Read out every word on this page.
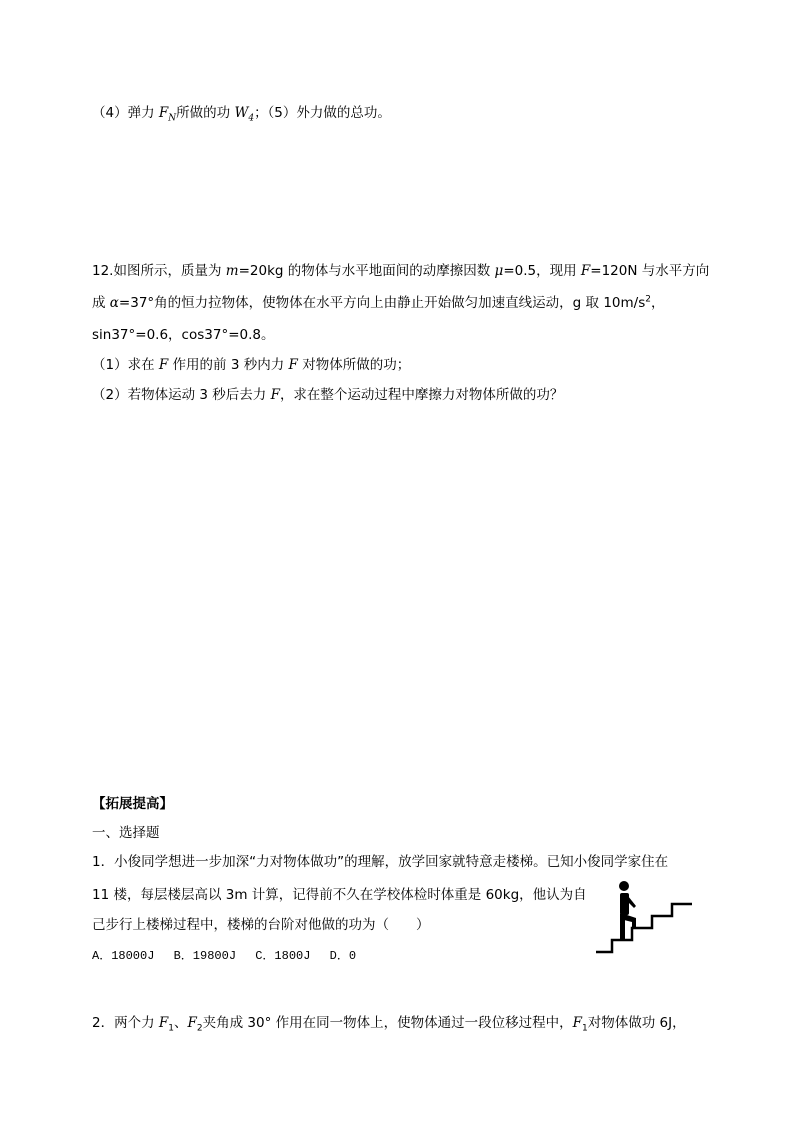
（4）弹力 $F_N$所做的功 $W_4$；（5）外力做的总功。
12.如图所示，质量为 m=20kg 的物体与水平地面间的动摩擦因数 μ=0.5，现用 F=120N 与水平方向
成 α=37°角的恒力拉物体，使物体在水平方向上由静止开始做匀加速直线运动，g 取 $10m/s^2$，
sin37°=0.6，cos37°=0.8。
（1）求在 F 作用的前 3 秒内力 F 对物体所做的功；
（2）若物体运动 3 秒后去力 F，求在整个运动过程中摩擦力对物体所做的功？
【拓展提高】
一、选择题
1．小俊同学想进一步加深“力对物体做功”的理解，放学回家就特意走楼梯。已知小俊同学家住在
11 楼，每层楼层高以 3m 计算，记得前不久在学校体检时体重是 60kg，他认为自
己步行上楼梯过程中，楼梯的台阶对他做的功为（　　）
A．18000J　 B．19800J　 C．1800J　 D．0
2．两个力 $F_1$、$F_2$夹角成 30° 作用在同一物体上，使物体通过一段位移过程中，$F_1$对物体做功 6J，
